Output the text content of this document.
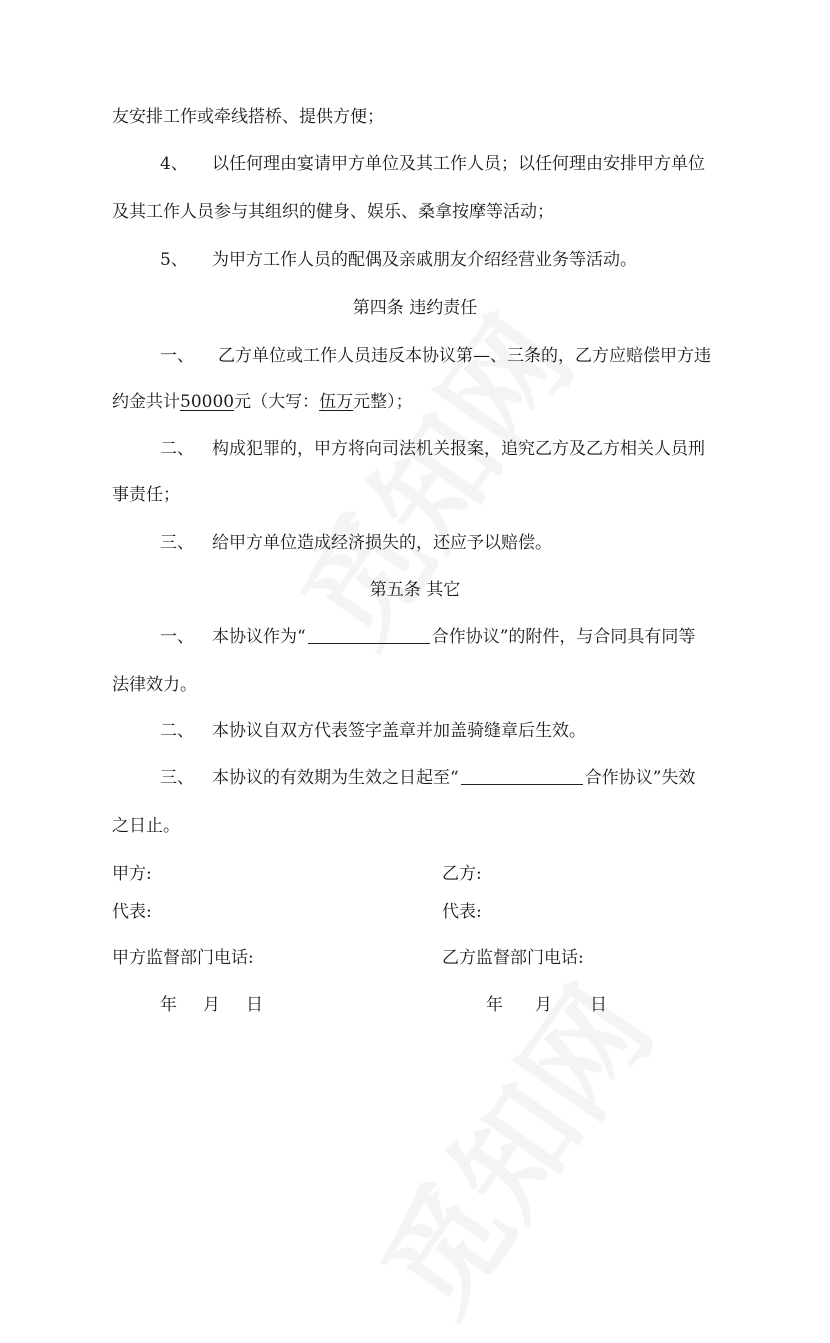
友安排工作或牵线搭桥、提供方便；
4、 以任何理由宴请甲方单位及其工作人员；以任何理由安排甲方单位
及其工作人员参与其组织的健身、娱乐、桑拿按摩等活动；
5、 为甲方工作人员的配偶及亲戚朋友介绍经营业务等活动。
第四条 违约责任
一、 乙方单位或工作人员违反本协议第—、三条的，乙方应赔偿甲方违
约金共计50000元（大写：伍万元整）；
二、 构成犯罪的，甲方将向司法机关报案，追究乙方及乙方相关人员刑
事责任；
三、 给甲方单位造成经济损失的，还应予以赔偿。
第五条 其它
一、 本协议作为“	合作协议”的附件，与合同具有同等
法律效力。
二、 本协议自双方代表签字盖章并加盖骑缝章后生效。
三、 本协议的有效期为生效之日起至“	合作协议”失效
之日止。
甲方:	乙方:
代表:	代表:
甲方监督部门电话:	乙方监督部门电话:
年 月 日	年 月 日
